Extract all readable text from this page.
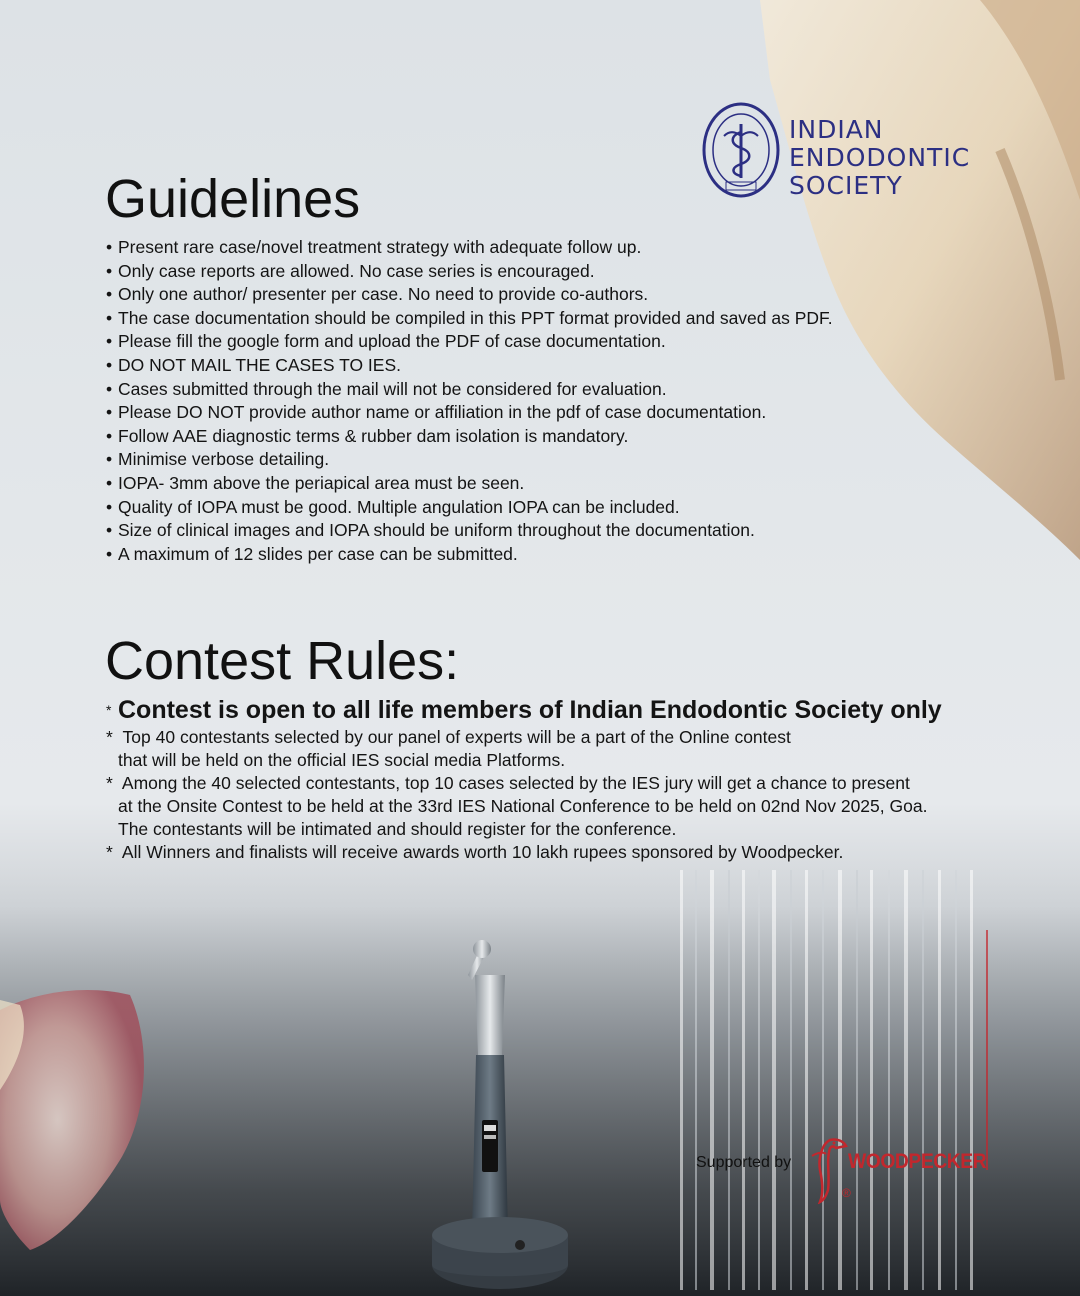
INDIAN
ENDODONTIC
SOCIETY
Guidelines
• Present rare case/novel treatment strategy with adequate follow up.
• Only case reports are allowed. No case series is encouraged.
• Only one author/ presenter per case. No need to provide co-authors.
• The case documentation should be compiled in this PPT format provided and saved as PDF.
• Please fill the google form and upload the PDF of case documentation.
• DO NOT MAIL THE CASES TO IES.
• Cases submitted through the mail will not be considered for evaluation.
• Please DO NOT provide author name or affiliation in the pdf of case documentation.
• Follow AAE diagnostic terms & rubber dam isolation is mandatory.
• Minimise verbose detailing.
• IOPA- 3mm above the periapical area must be seen.
• Quality of IOPA must be good. Multiple angulation IOPA can be included.
• Size of clinical images and IOPA should be uniform throughout the documentation.
• A maximum of 12 slides per case can be submitted.
Contest Rules:
* Contest is open to all life members of Indian Endodontic Society only

* Top 40 contestants selected by our panel of experts will be a part of the Online contest
that will be held on the official IES social media Platforms.

* Among the 40 selected contestants, top 10 cases selected by the IES jury will get a chance to present
at the Onsite Contest to be held at the 33rd IES National Conference to be held on 02nd Nov 2025, Goa.
The contestants will be intimated and should register for the conference.

* All Winners and finalists will receive awards worth 10 lakh rupees sponsored by Woodpecker.

Supported by	WOODPECKER
®
